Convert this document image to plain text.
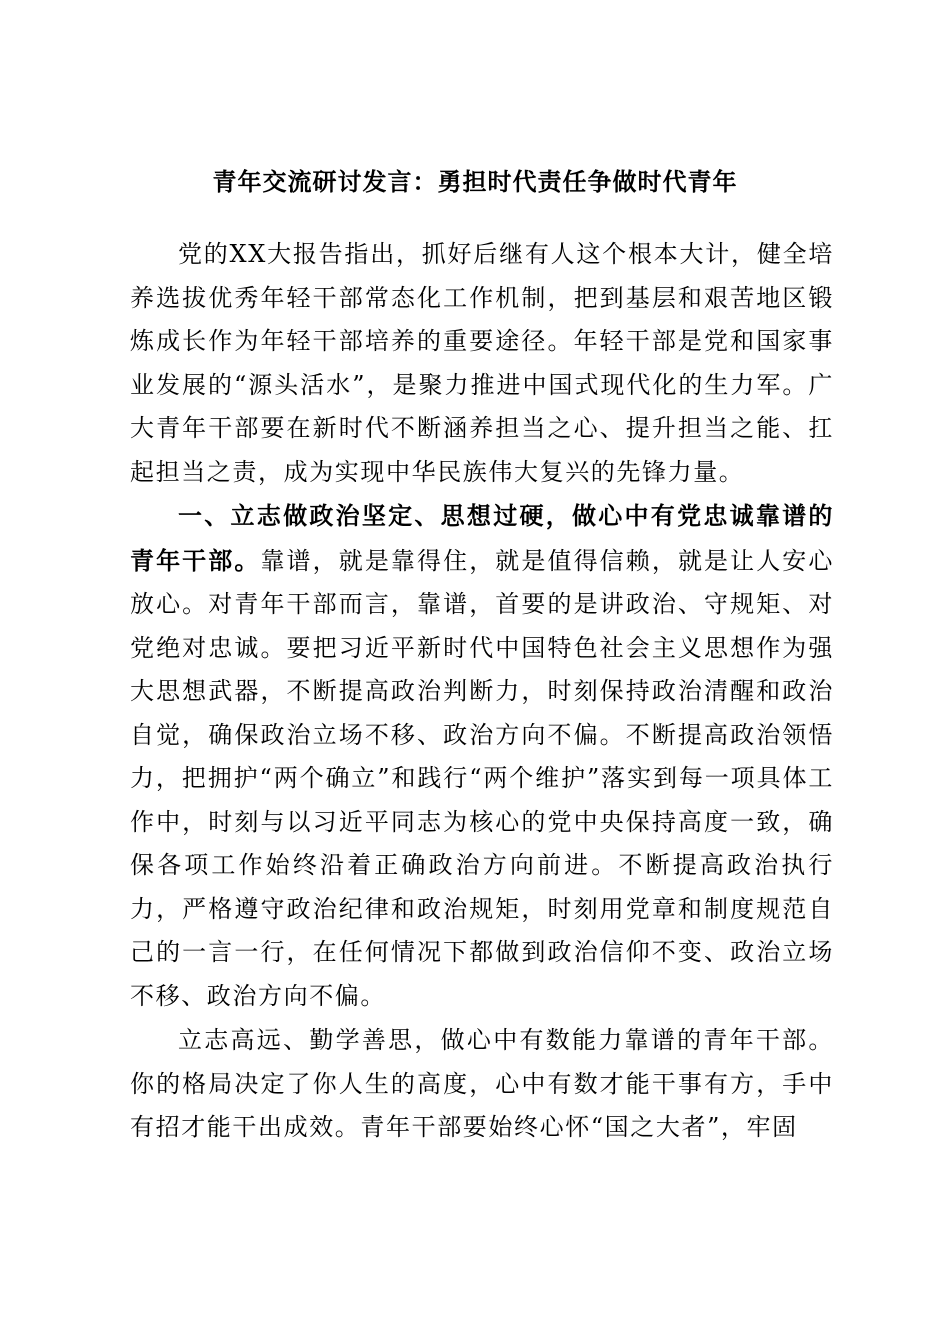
青年交流研讨发言：勇担时代责任争做时代青年

党的XX大报告指出，抓好后继有人这个根本大计，健全培养选拔优秀年轻干部常态化工作机制，把到基层和艰苦地区锻炼成长作为年轻干部培养的重要途径。年轻干部是党和国家事业发展的“源头活水”，是聚力推进中国式现代化的生力军。广大青年干部要在新时代不断涵养担当之心、提升担当之能、扛起担当之责，成为实现中华民族伟大复兴的先锋力量。

一、立志做政治坚定、思想过硬，做心中有党忠诚靠谱的青年干部。靠谱，就是靠得住，就是值得信赖，就是让人安心放心。对青年干部而言，靠谱，首要的是讲政治、守规矩、对党绝对忠诚。要把习近平新时代中国特色社会主义思想作为强大思想武器，不断提高政治判断力，时刻保持政治清醒和政治自觉，确保政治立场不移、政治方向不偏。不断提高政治领悟力，把拥护“两个确立”和践行“两个维护”落实到每一项具体工作中，时刻与以习近平同志为核心的党中央保持高度一致，确保各项工作始终沿着正确政治方向前进。不断提高政治执行力，严格遵守政治纪律和政治规矩，时刻用党章和制度规范自己的一言一行，在任何情况下都做到政治信仰不变、政治立场不移、政治方向不偏。

立志高远、勤学善思，做心中有数能力靠谱的青年干部。你的格局决定了你人生的高度，心中有数才能干事有方，手中有招才能干出成效。青年干部要始终心怀“国之大者”，牢固
